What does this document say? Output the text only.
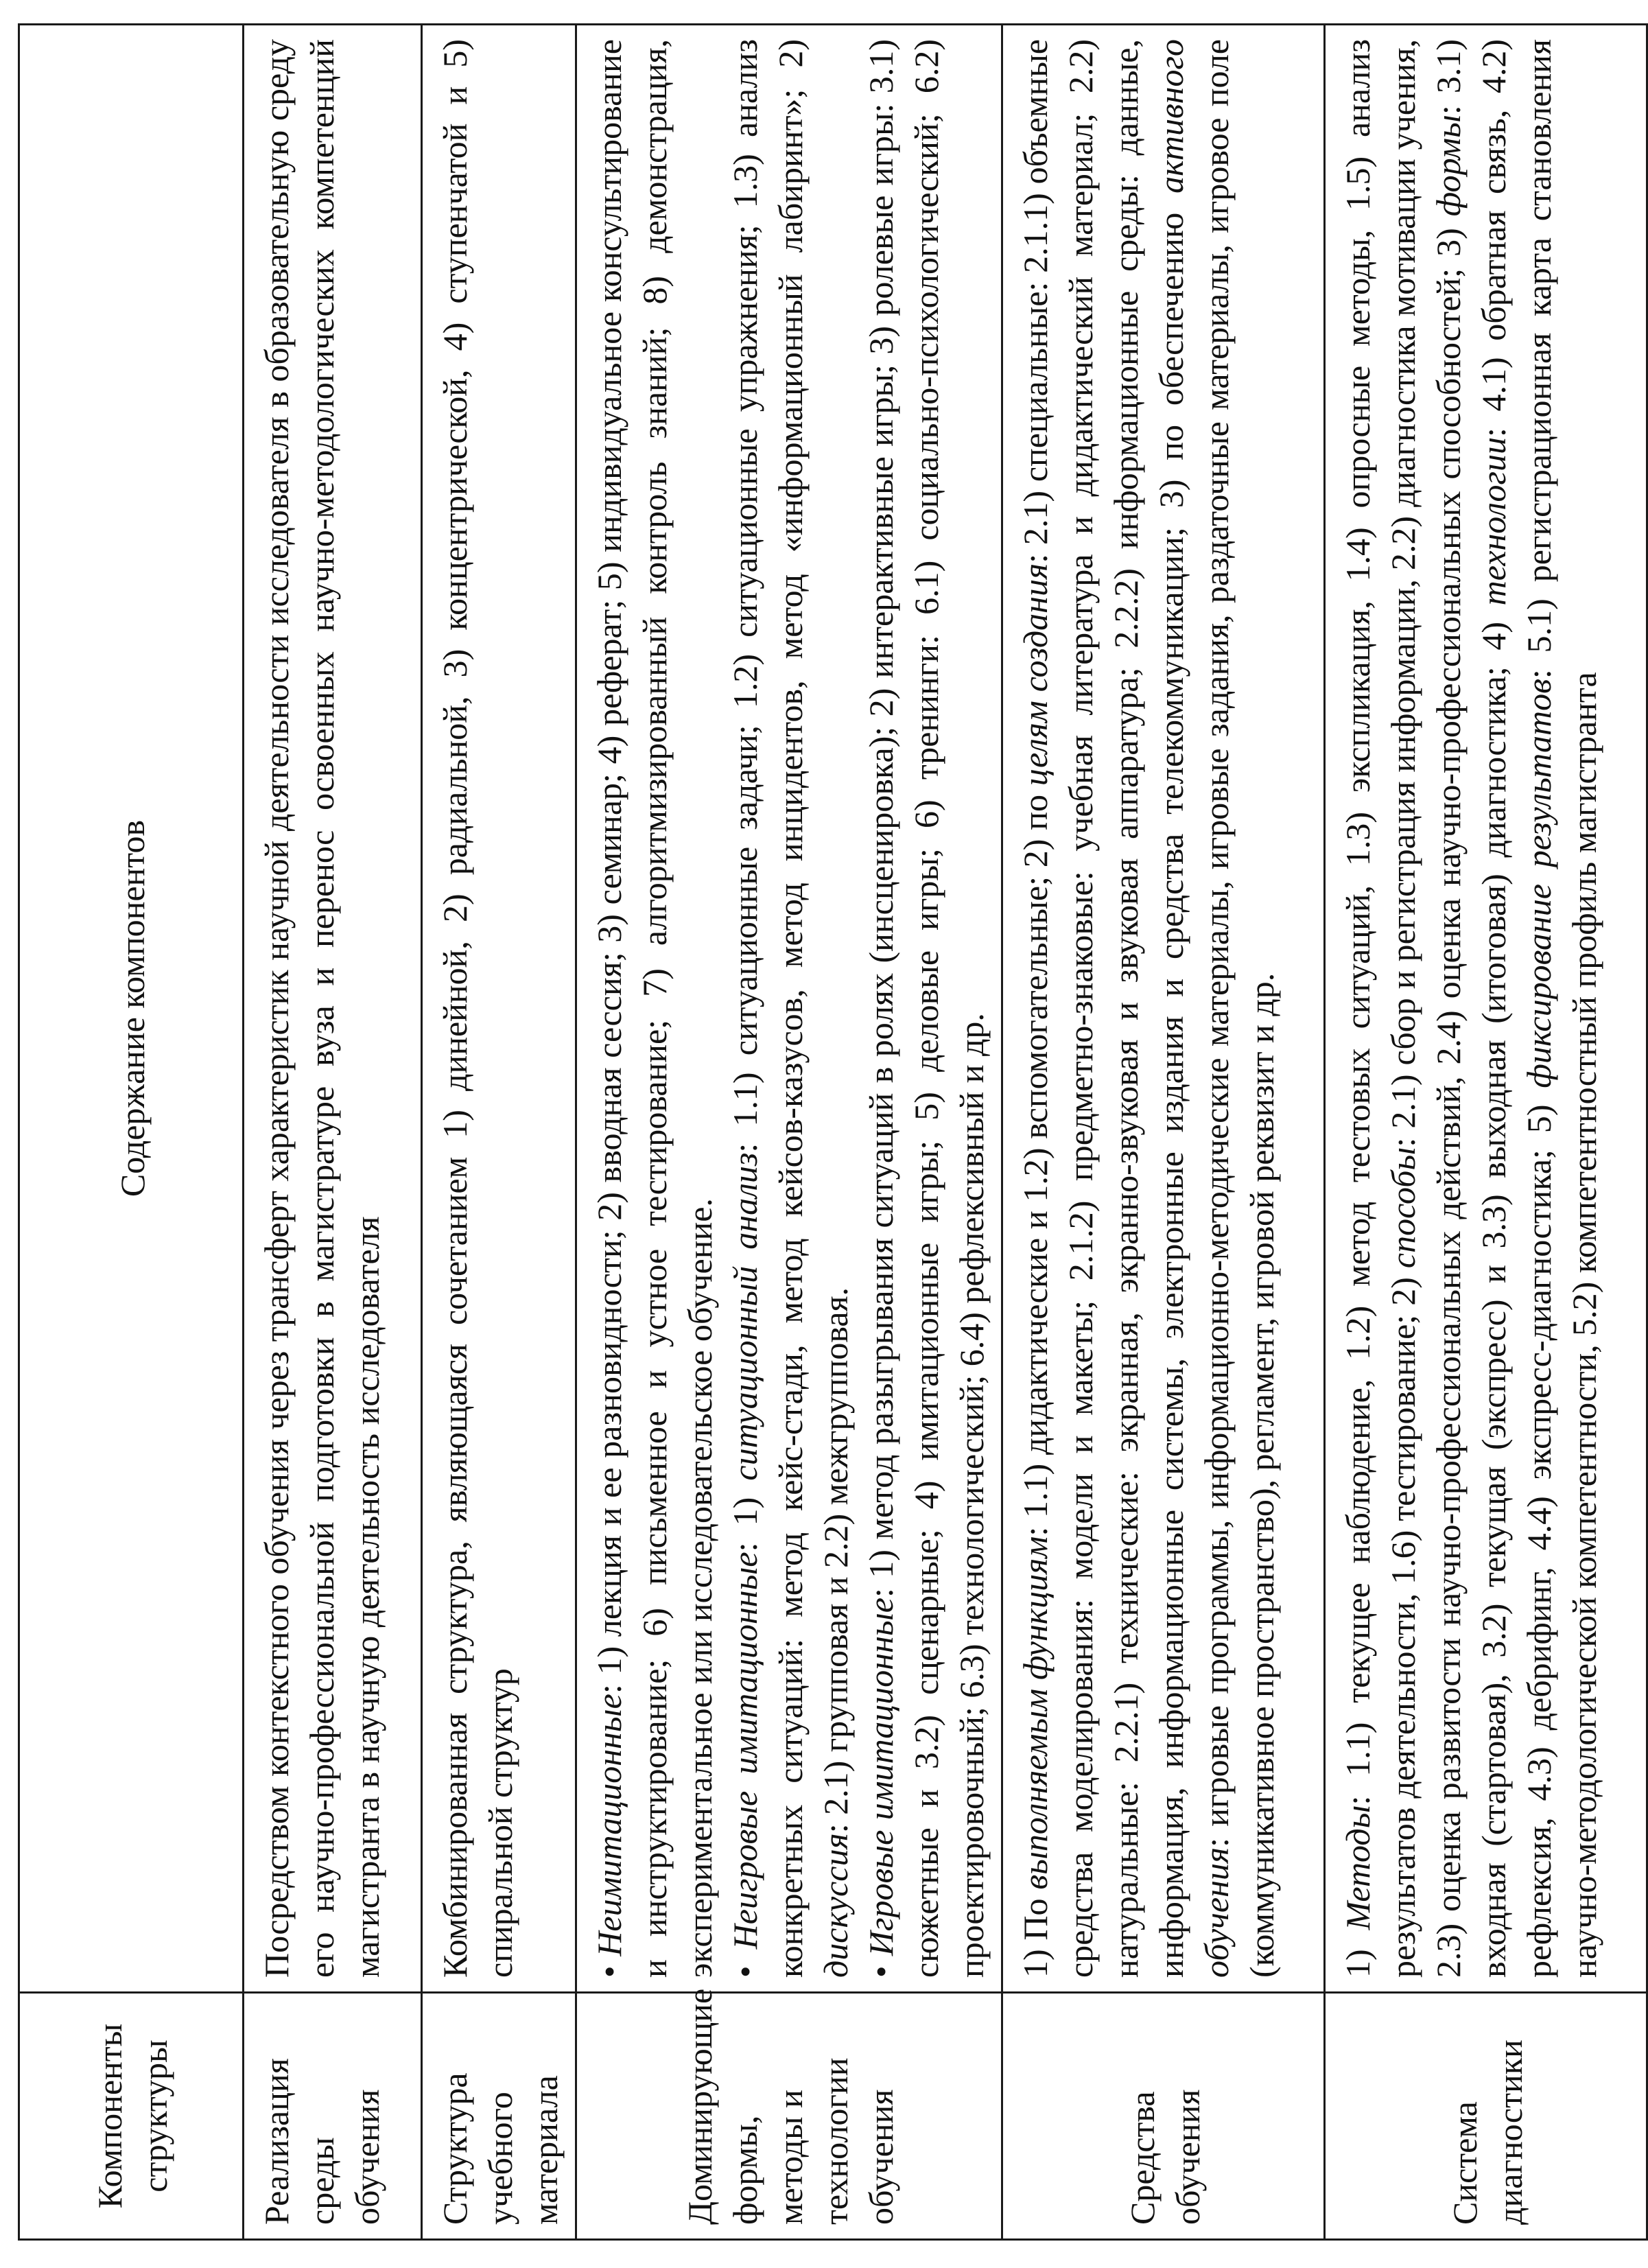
Компоненты структуры	Содержание компонентов
Реализация среды обучения	Посредством контекстного обучения через трансферт характеристик научной деятельности исследователя в образовательную среду его научно-профессиональной подготовки в магистратуре вуза и перенос освоенных научно-методологических компетенций магистранта в научную деятельность исследователя
Структура учебного материала	Комбинированная структура, являющаяся сочетанием 1) динейной, 2) радиальной, 3) концентрической, 4) ступенчатой и 5) спиральной структур
Доминирующие формы, методы и технологии обучения	• Неимитационные: 1) лекция и ее разновидности; 2) вводная сессия; 3) семинар; 4) реферат; 5) индивидуальное консультирование и инструктирование; 6) письменное и устное тестирование; 7) алгоритмизированный контроль знаний; 8) демонстрация, экспериментальное или исследовательское обучение. • Неигровые имитационные: 1) ситуационный анализ: 1.1) ситуационные задачи; 1.2) ситуационные упражнения; 1.3) анализ конкретных ситуаций: метод кейс-стади, метод кейсов-казусов, метод инцидентов, метод «информационный лабиринт»; 2) дискуссия: 2.1) групповая и 2.2) межгрупповая. • Игровые имитационные: 1) метод разыгрывания ситуаций в ролях (инсценировка); 2) интерактивные игры; 3) ролевые игры: 3.1) сюжетные и 3.2) сценарные; 4) имитационные игры; 5) деловые игры; 6) тренинги: 6.1) социально-психологический; 6.2) проектировочный; 6.3) технологический; 6.4) рефлексивный и др.

Средства обучения	1) По выполняемым функциям: 1.1) дидактические и 1.2) вспомогательные; 2) по целям создания: 2.1) специальные: 2.1.1) объемные средства моделирования: модели и макеты; 2.1.2) предметно-знаковые: учебная литература и дидактический материал; 2.2) натуральные: 2.2.1) технические: экранная, экранно-звуковая и звуковая аппаратура; 2.2.2) информационные среды: данные, информация, информационные системы, электронные издания и средства телекоммуникации; 3) по обеспечению активного обучения: игровые программы, информационно-методические материалы, игровые задания, раздаточные материалы, игровое поле (коммуникативное пространство), регламент, игровой реквизит и др.
Система диагностики	1) Методы: 1.1) текущее наблюдение, 1.2) метод тестовых ситуаций, 1.3) экспликация, 1.4) опросные методы, 1.5) анализ результатов деятельности, 1.6) тестирование; 2) способы: 2.1) сбор и регистрация информации, 2.2) диагностика мотивации учения, 2.3) оценка развитости научно-профессиональных действий, 2.4) оценка научно-профессиональных способностей; 3) формы: 3.1) входная (стартовая), 3.2) текущая (экспресс) и 3.3) выходная (итоговая) диагностика; 4) технологии: 4.1) обратная связь, 4.2) рефлексия, 4.3) дебрифинг, 4.4) экспресс-диагностика; 5) фиксирование результатов: 5.1) регистрационная карта становления научно-методологической компетентности, 5.2) компетентностный профиль магистранта
